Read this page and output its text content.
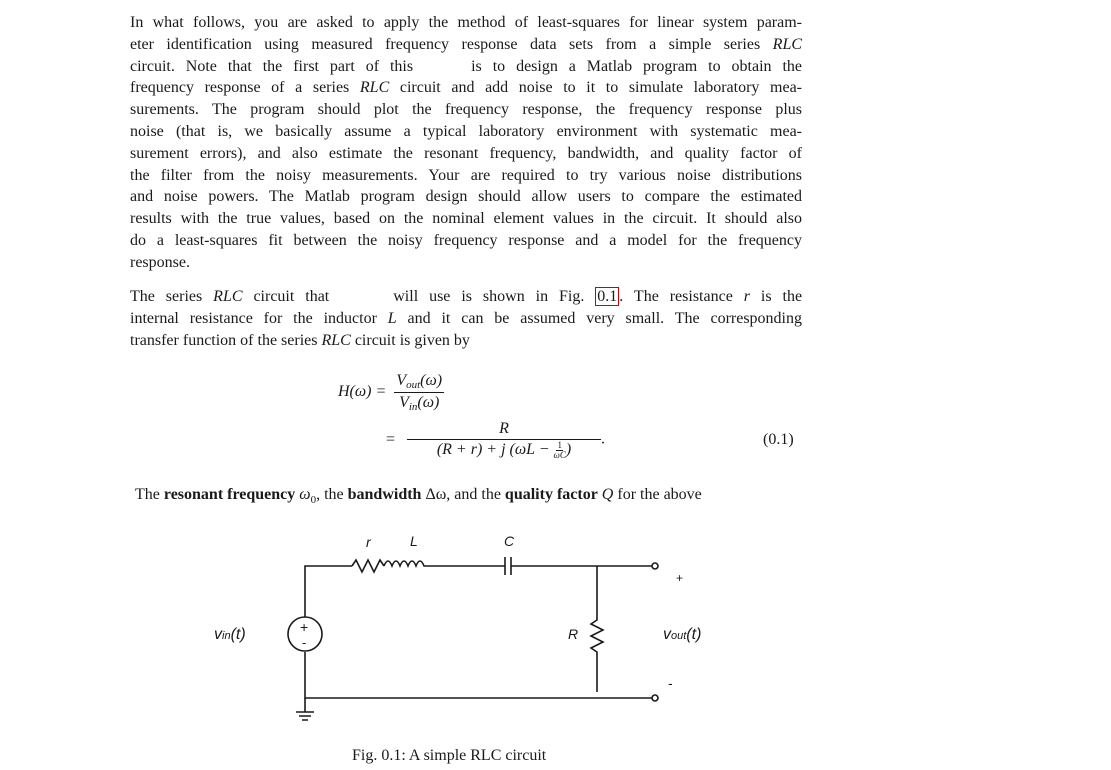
In what follows, you are asked to apply the method of least-squares for linear system param-
eter identification using measured frequency response data sets from a simple series RLC
circuit. Note that the first part of this	is to design a Matlab program to obtain the
frequency response of a series RLC circuit and add noise to it to simulate laboratory mea-
surements. The program should plot the frequency response, the frequency response plus
noise (that is, we basically assume a typical laboratory environment with systematic mea-
surement errors), and also estimate the resonant frequency, bandwidth, and quality factor of
the filter from the noisy measurements. Your are required to try various noise distributions
and noise powers. The Matlab program design should allow users to compare the estimated
results with the true values, based on the nominal element values in the circuit. It should also
do a least-squares fit between the noisy frequency response and a model for the frequency
response.
The series RLC circuit that	will use is shown in Fig. 0.1 . The resistance r is the
internal resistance for the inductor L and it can be assumed very small. The corresponding
transfer function of the series RLC circuit is given by
$H(\omega) = \frac{V_{out}(\omega)}{V_{in}(\omega)}$
= $\frac{R}{(R + r) + j (\omega L - \frac{1}{\omega C} )}$ .	(0.1)
The resonant frequency $\omega_0$, the bandwidth Δω, and the quality factor Q for the above
+
-
+
-
r	L	C
R
vin(t)	vout(t)
Fig. 0.1: A simple RLC circuit
